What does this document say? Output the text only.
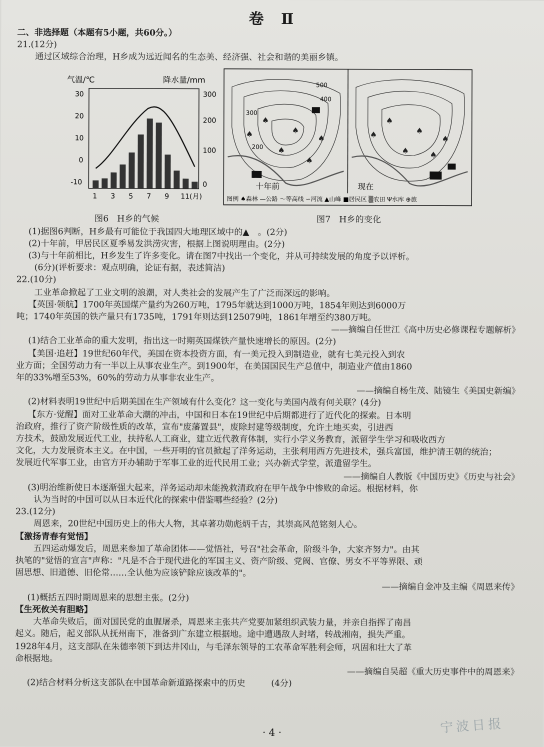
卷 Ⅱ
二、非选择题（本题有5小题，共60分。）
21.(12分)
通过区域综合治理，H乡成为远近闻名的生态美、经济强、社会和谐的美丽乡镇。
气温/℃	降水量/mm
30
20
10
0
-10
300
200
100
0
1 3 5 7 9 11(月)
♠
♠
♠
♠
♠
♠
♠
♠
♠
♠
♠
♠
500
400
300
200
十年前	现在
图例 ♠森林 —公路 ～等高线 ∽河流 ▲山峰 ■居民区 ▒农田 Ψ水库 ⊕旅
图6　H乡的气候	图7　H乡的变化
(1)据图6判断，H乡最有可能位于我国四大地理区域中的▲　。(2分)
(2)十年前，甲居民区夏季易发洪涝灾害，根据上图说明理由。(2分)
(3)与十年前相比，H乡发生了许多变化。请在图7中找出一个变化，并从可持续发展的角度予以评析。
(6分)(评析要求：观点明确，论证有据，表述简洁)
22.(10分)
工业革命掀起了工业文明的浪潮，对人类社会的发展产生了广泛而深远的影响。
【英国·领航】1700年英国煤产量约为260万吨，1795年就达到1000万吨，1854年则达到6000万
吨；1740年英国的铁产量只有1735吨，1791年则达到125079吨，1861年增至约380万吨。
——摘编自任世江《高中历史必修课程专题解析》
(1)结合工业革命的重大发明，指出这一时期英国煤铁产量快速增长的原因。(2分)
【美国·追赶】19世纪60年代，美国在资本投资方面，有一美元投入到制造业，就有七美元投入到农
业方面；全国劳动力有一半以上从事农业生产。到1900年，在美国国民生产总值中，制造业产值由1860
年的33%增至53%，60%的劳动力从事非农业生产。
——摘编自杨生茂、陆镜生《美国史新编》
(2)材料表明19世纪中后期美国在生产领域有什么变化？这一变化与美国内战有何关联？(4分)
【东方·觉醒】面对工业革命大潮的冲击，中国和日本在19世纪中后期都进行了近代化的探索。日本明
治政府，推行了资产阶级性质的改革，宣布"废藩置县"，废除封建等级制度，允许土地买卖，引进西
方技术，鼓励发展近代工业，扶持私人工商业，建立近代教育体制，实行小学义务教育，派留学生学习和吸收西方
文化，大力发展资本主义。在中国，一些开明的官员掀起了洋务运动，主张利用西方先进技术，强兵富国，维护清王朝的统治；
发展近代军事工业，由官方开办辅助于军事工业的近代民用工业；兴办新式学堂，派遣留学生。
——摘编自人教版《中国历史》《历史与社会》
(3)明治维新使日本逐渐强大起来，洋务运动却未能挽救清政府在甲午战争中惨败的命运。根据材料，你
认为当时的中国可以从日本近代化的探索中借鉴哪些经验？(2分)
23.(12分)
周恩来，20世纪中国历史上的伟大人物，其卓著功勋彪炳千古，其崇高风范铭刻人心。
【激扬青春有觉悟】
五四运动爆发后，周恩来参加了革命团体——觉悟社，号召"社会革命，阶级斗争，大家齐努力"。由其
执笔的"觉悟的宣言"声称："凡是不合于现代进化的军国主义、资产阶级、党阀、官僚、男女不平等界限、顽
固思想、旧道德、旧伦常……全认他为应该铲除应该改革的"。
——摘编自金冲及主编《周恩来传》
(1)概括五四时期周恩来的思想主张。(2分)
【生死攸关有胆略】
大革命失败后，面对国民党的血腥屠杀，周恩来主张共产党要加紧组织武装力量，并亲自指挥了南昌
起义。随后，起义部队从抚州南下，准备到广东建立根据地。途中遭遇敌人封堵，转战湘南，损失严重。
1928年4月，这支部队在朱德率领下到达井冈山，与毛泽东领导的工农革命军胜利会师，巩固和壮大了革
命根据地。
——摘编自吴超《重大历史事件中的周恩来》
(2)结合材料分析这支部队在中国革命新道路探索中的历史　　　(4分)
· 4 ·	宁波日报
